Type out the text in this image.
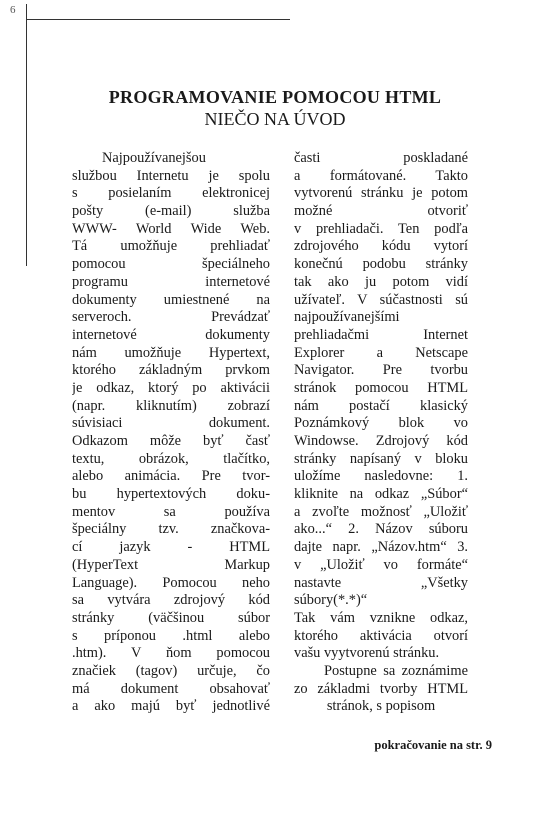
6
PROGRAMOVANIE POMOCOU HTML
NIEČO NA ÚVOD
Najpoužívanejšou
službou Internetu je spolu
s posielaním elektronicej
pošty (e-mail) služba
WWW- World Wide Web.
Tá umožňuje prehliadať
pomocou špeciálneho
programu internetové
dokumenty umiestnené na
serveroch. Prevádzať
internetové dokumenty
nám umožňuje Hypertext,
ktorého základným prvkom
je odkaz, ktorý po aktivácii
(napr. kliknutím) zobrazí
súvisiaci dokument.
Odkazom môže byť časť
textu, obrázok, tlačítko,
alebo animácia. Pre tvor-
bu hypertextových doku-
mentov sa používa
špeciálny tzv. značkova-
cí jazyk - HTML
(HyperText Markup
Language). Pomocou neho
sa vytvára zdrojový kód
stránky (väčšinou súbor
s príponou .html alebo
.htm). V ňom pomocou
značiek (tagov) určuje, čo
má dokument obsahovať
a ako majú byť jednotlivé
časti poskladané
a formátované. Takto
vytvorenú stránku je potom
možné otvoriť
v prehliadači. Ten podľa
zdrojového kódu vytorí
konečnú podobu stránky
tak ako ju potom vidí
užívateľ. V súčastnosti sú
najpoužívanejšími
prehliadačmi Internet
Explorer a Netscape
Navigator. Pre tvorbu
stránok pomocou HTML
nám postačí klasický
Poznámkový blok vo
Windowse. Zdrojový kód
stránky napísaný v bloku
uložíme nasledovne: 1.
kliknite na odkaz „Súbor“
a zvoľte možnosť „Uložiť
ako...“ 2. Názov súboru
dajte napr. „Názov.htm“ 3.
v „Uložiť vo formáte“
nastavte „Všetky
súbory(*.*)“
Tak vám vznikne odkaz,
ktorého aktivácia otvorí
vašu vyytvorenú stránku.
Postupne sa zoznámime
zo základmi tvorby HTML
stránok, s popisom
pokračovanie na str. 9
